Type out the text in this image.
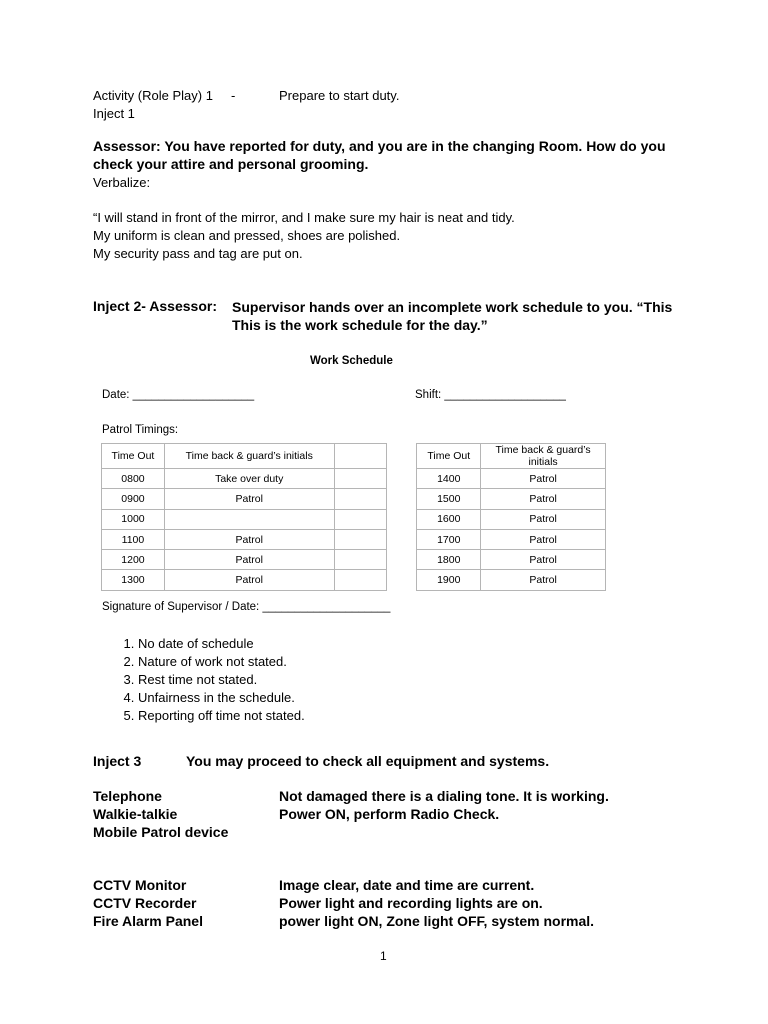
Activity (Role Play) 1 -	Prepare to start duty.
Inject 1
Assessor: You have reported for duty, and you are in the changing Room. How do you
check your attire and personal grooming.
Verbalize:
“I will stand in front of the mirror, and I make sure my hair is neat and tidy.
My uniform is clean and pressed, shoes are polished.
My security pass and tag are put on.
Inject 2- Assessor: Supervisor hands over an incomplete work schedule to you. “This
This is the work schedule for the day.”
Work Schedule
Date: ___________________	Shift: ___________________
Patrol Timings:
Time Out	Time back & guard’s initials			Time Out	Time back & guard’s initials
0800	Take over duty			1400	Patrol
0900	Patrol			1500	Patrol
1000				1600	Patrol
1100	Patrol			1700	Patrol
1200	Patrol			1800	Patrol
1300	Patrol			1900	Patrol
Signature of Supervisor / Date: ____________________
1. No date of schedule
2. Nature of work not stated.
3. Rest time not stated.
4. Unfairness in the schedule.
5. Reporting off time not stated.
Inject 3	You may proceed to check all equipment and systems.
Telephone	Not damaged there is a dialing tone. It is working.
Walkie-talkie	Power ON, perform Radio Check.
Mobile Patrol device
CCTV Monitor	Image clear, date and time are current.
CCTV Recorder	Power light and recording lights are on.
Fire Alarm Panel	power light ON, Zone light OFF, system normal.
1
